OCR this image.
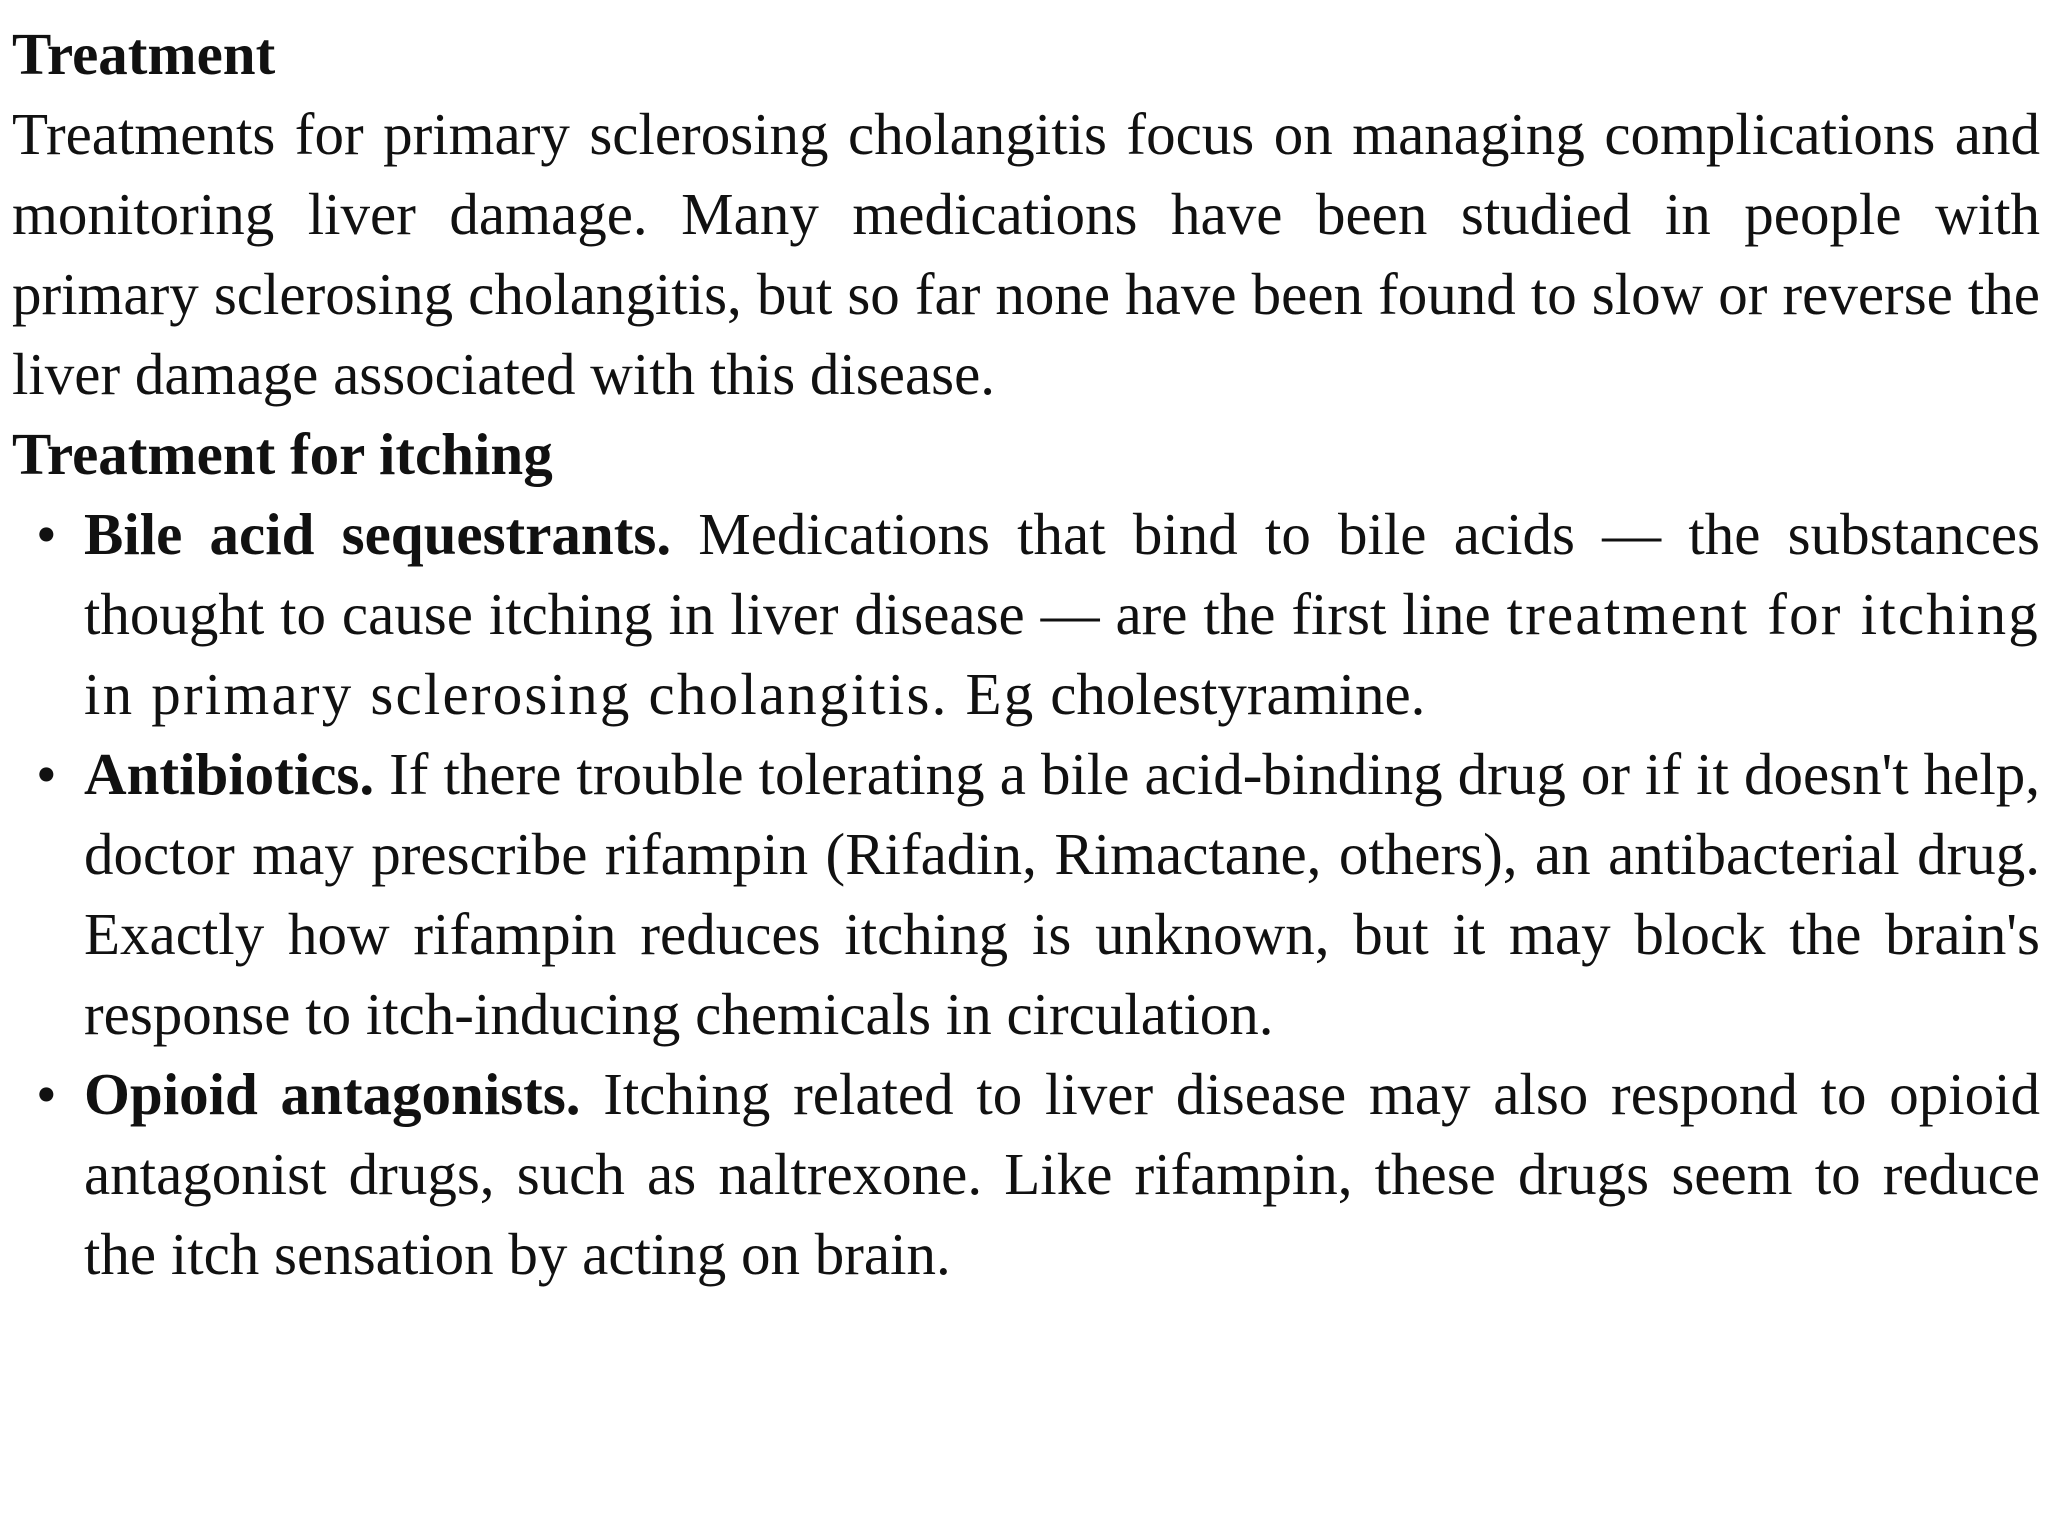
Treatment

Treatments for primary sclerosing cholangitis focus on managing complications and monitoring liver damage. Many medications have been studied in people with primary sclerosing cholangitis, but so far none have been found to slow or reverse the liver damage associated with this disease.

Treatment for itching
• Bile acid sequestrants. Medications that bind to bile acids — the substances thought to cause itching in liver disease — are the first line treatment for itching in primary sclerosing cholangitis. Eg cholestyramine.
• Antibiotics. If there trouble tolerating a bile acid-binding drug or if it doesn't help, doctor may prescribe rifampin (Rifadin, Rimactane, others), an antibacterial drug. Exactly how rifampin reduces itching is unknown, but it may block the brain's response to itch-inducing chemicals in circulation.
• Opioid antagonists. Itching related to liver disease may also respond to opioid antagonist drugs, such as naltrexone. Like rifampin, these drugs seem to reduce the itch sensation by acting on brain.
